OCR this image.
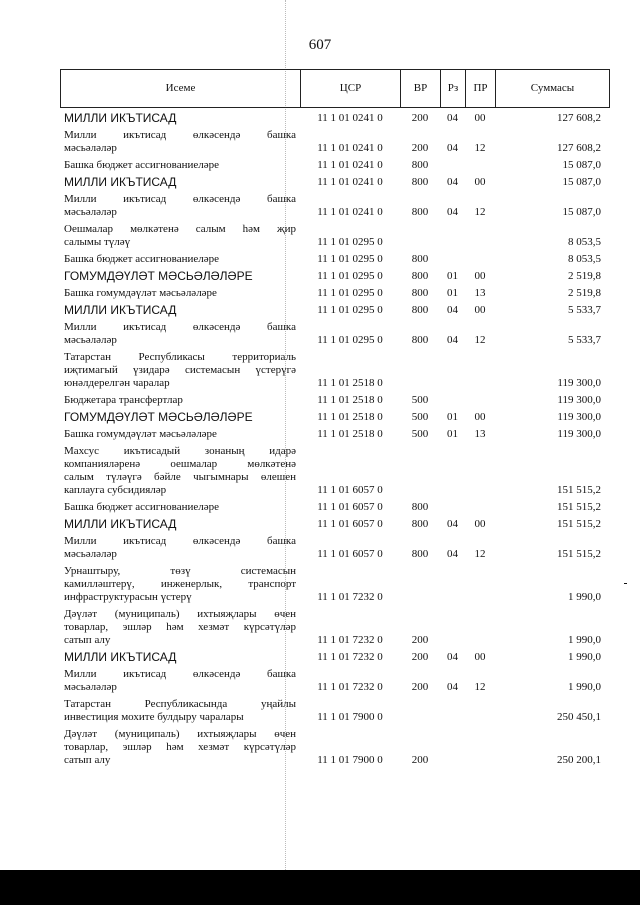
607
Исеме	ЦСР	ВР	Рз	ПР	Суммасы
МИЛЛИ ИКЪТИСАД	11 1 01 0241 0	200 04 00	127 608,2
Милли икътисад өлкәсендә башка
мәсьәләләр	11 1 01 0241 0	200 04 12	127 608,2
Башка бюджет ассигнованиеләре	11 1 01 0241 0	800	15 087,0
МИЛЛИ ИКЪТИСАД	11 1 01 0241 0	800 04 00	15 087,0
Милли икътисад өлкәсендә башка
мәсьәләләр	11 1 01 0241 0	800 04 12	15 087,0
Оешмалар мөлкәтенә салым һәм җир
салымы түләү	11 1 01 0295 0	8 053,5
Башка бюджет ассигнованиеләре	11 1 01 0295 0	800	8 053,5
ГОМУМДӘҮЛӘТ МӘСЬӘЛӘЛӘРЕ	11 1 01 0295 0	800 01 00	2 519,8
Башка гомумдәүләт мәсьәләләре	11 1 01 0295 0	800 01 13	2 519,8
МИЛЛИ ИКЪТИСАД	11 1 01 0295 0	800 04 00	5 533,7
Милли икътисад өлкәсендә башка
мәсьәләләр	11 1 01 0295 0	800 04 12	5 533,7
Татарстан Республикасы территориаль
иҗтимагый үзидарә системасын үстерүгә
юнәлдерелгән чаралар	11 1 01 2518 0	119 300,0
Бюджетара трансфертлар	11 1 01 2518 0	500	119 300,0
ГОМУМДӘҮЛӘТ МӘСЬӘЛӘЛӘРЕ	11 1 01 2518 0	500 01 00	119 300,0
Башка гомумдәүләт мәсьәләләре	11 1 01 2518 0	500 01 13	119 300,0
Махсус икътисадый зонаның идарә
компанияләренә оешмалар мөлкәтенә
салым түләүгә бәйле чыгымнары өлешен
каплауга субсидияләр	11 1 01 6057 0	151 515,2
Башка бюджет ассигнованиеләре	11 1 01 6057 0	800	151 515,2
МИЛЛИ ИКЪТИСАД	11 1 01 6057 0	800 04 00	151 515,2
Милли икътисад өлкәсендә башка
мәсьәләләр	11 1 01 6057 0	800 04 12	151 515,2
Урнаштыру, төзү системасын
камилләштерү, инженерлык, транспорт
инфраструктурасын үстерү	11 1 01 7232 0	1 990,0
Дәүләт (муниципаль) ихтыяҗлары өчен
товарлар, эшләр һәм хезмәт күрсәтүләр
сатып алу	11 1 01 7232 0	200	1 990,0
МИЛЛИ ИКЪТИСАД	11 1 01 7232 0	200 04 00	1 990,0
Милли икътисад өлкәсендә башка
мәсьәләләр	11 1 01 7232 0	200 04 12	1 990,0
Татарстан Республикасында уңайлы
инвестиция мохите булдыру чаралары	11 1 01 7900 0	250 450,1
Дәүләт (муниципаль) ихтыяҗлары өчен
товарлар, эшләр һәм хезмәт күрсәтүләр
сатып алу	11 1 01 7900 0	200	250 200,1
